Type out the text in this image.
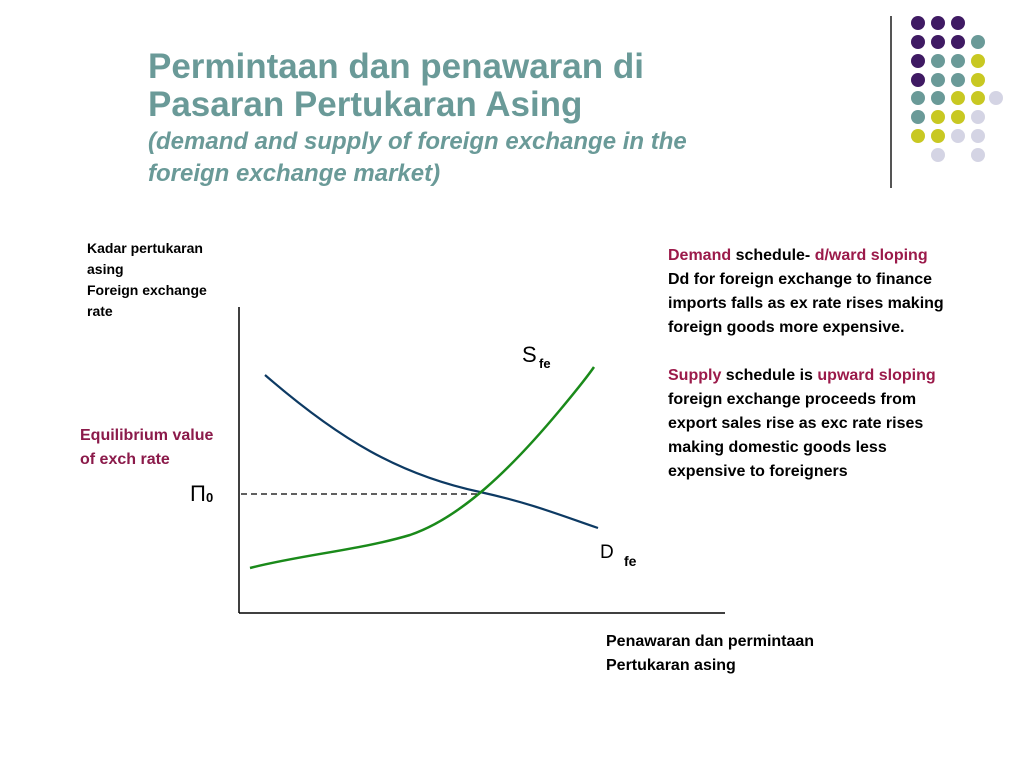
Permintaan dan penawaran di
Pasaran Pertukaran Asing
(demand and supply of foreign exchange in the
foreign exchange market)
Kadar pertukaran
asing
Foreign exchange
rate
Equilibrium value
of exch rate
Π 0
S fe
D fe
Penawaran dan permintaan
Pertukaran asing
Demand schedule- d/ward sloping
Dd for foreign exchange to finance
imports falls as ex rate rises making
foreign goods more expensive.
Supply schedule is upward sloping
foreign exchange proceeds from
export sales rise as exc rate rises
making domestic goods less
expensive to foreigners
